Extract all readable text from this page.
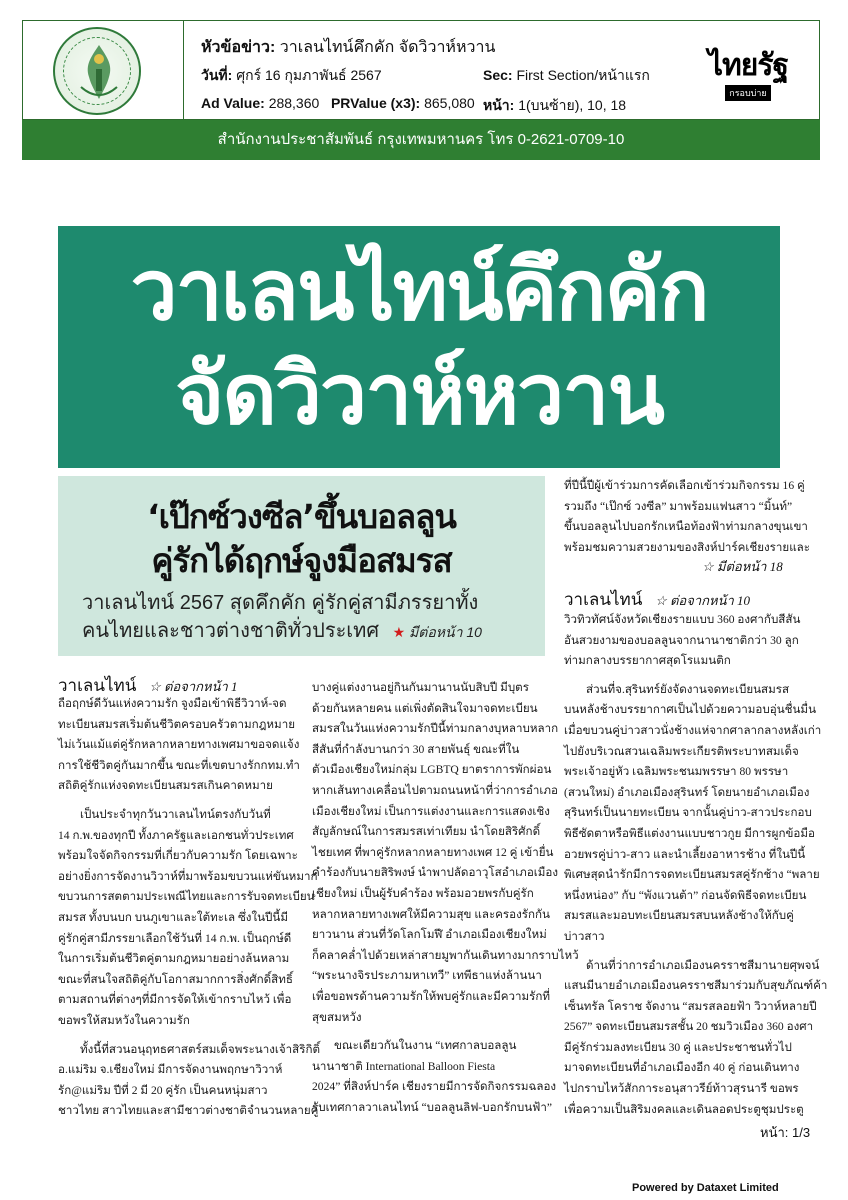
หัวข้อข่าว: วาเลนไทน์คึกคัก จัดวิวาห์หวาน
วันที่: ศุกร์ 16 กุมภาพันธ์ 2567
Ad Value: 288,360 PRValue (x3): 865,080
Sec: First Section/หน้าแรก
หน้า: 1(บนซ้าย), 10, 18
ไทยรัฐ
กรอบบ่าย
สำนักงานประชาสัมพันธ์ กรุงเทพมหานคร โทร 0-2621-0709-10
วาเลนไทน์คึกคัก
จัดวิวาห์หวาน
‘เป๊กซ์วงซีล’ขึ้นบอลลูน
คู่รักได้ฤกษ์จูงมือสมรส
วาเลนไทน์ 2567 สุดคึกคัก คู่รักคู่สามีภรรยาทั้ง
คนไทยและชาวต่างชาติทั่วประเทศ ★ มีต่อหน้า 10

ที่ปีนี้ปีผู้เข้าร่วมการคัดเลือกเข้าร่วมกิจกรรม 16 คู่

รวมถึง “เป๊กซ์ วงซีล” มาพร้อมแฟนสาว “มิ้นท์”

ขึ้นบอลลูนไปบอกรักเหนือท้องฟ้าท่ามกลางขุนเขา

พร้อมชมความสวยงามของสิงห์ปาร์คเชียงรายและ

☆ มีต่อหน้า 18
วาเลนไทน์ ☆ ต่อจากหน้า 1
วาเลนไทน์ ☆ ต่อจากหน้า 10

ถือฤกษ์ดีวันแห่งความรัก จูงมือเข้าพิธีวิวาห์-จด

ทะเบียนสมรสเริ่มต้นชีวิตครอบครัวตามกฎหมาย

ไม่เว้นแม้แต่คู่รักหลากหลายทางเพศมาขอจดแจ้ง

การใช้ชีวิตคู่กันมากขึ้น ขณะที่เขตบางรักกทม.ทำ

สถิติคู่รักแห่งจดทะเบียนสมรสเกินคาดหมาย

เป็นประจำทุกวันวาเลนไทน์ตรงกับวันที่

14 ก.พ.ของทุกปี ทั้งภาครัฐและเอกชนทั่วประเทศ

พร้อมใจจัดกิจกรรมที่เกี่ยวกับความรัก โดยเฉพาะ

อย่างยิ่งการจัดงานวิวาห์ที่มาพร้อมขบวนแห่ขันหมาก

ขบวนการสตตามประเพณีไทยและการรับจดทะเบียน

สมรส ทั้งบนบก บนภูเขาและใต้ทะเล ซึ่งในปีนี้มี

คู่รักคู่สามีภรรยาเลือกใช้วันที่ 14 ก.พ. เป็นฤกษ์ดี

ในการเริ่มต้นชีวิตคู่ตามกฎหมายอย่างล้นหลาม

ขณะที่สนใจสถิติคู่กับโอกาสมากการสิ่งศักดิ์สิทธิ์

ตามสถานที่ต่างๆที่มีการจัดให้เข้ากราบไหว้ เพื่อ

ขอพรให้สมหวังในความรัก

ทั้งนี้ที่สวนอนุฤทธศาสตร์สมเด็จพระนางเจ้าสิริกิติ์

อ.แม่ริม จ.เชียงใหม่ มีการจัดงานพฤกษาวิวาห์

รัก@แม่ริม ปีที่ 2 มี 20 คู่รัก เป็นคนหนุ่มสาว

ชาวไทย สาวไทยและสามีชาวต่างชาติจำนวนหลายคู่

บางคู่แต่งงานอยู่กินกันมานานนับสิบปี มีบุตร

ด้วยกันหลายคน แต่เพิ่งตัดสินใจมาจดทะเบียน

สมรสในวันแห่งความรักปีนี้ท่ามกลางบุหลาบหลาก

สีสันที่กำลังบานกว่า 30 สายพันธุ์ ขณะที่ใน

ตัวเมืองเชียงใหม่กลุ่ม LGBTQ ยาตราการพักผ่อน

หากเส้นทางเคลื่อนไปตามถนนหน้าที่ว่าการอำเภอ

เมืองเชียงใหม่ เป็นการแต่งงานและการแสดงเชิง

สัญลักษณ์ในการสมรสเท่าเทียม นำโดยสิริศักดิ์

ไชยเทศ ที่พาคู่รักหลากหลายทางเพศ 12 คู่ เข้ายื่น

คำร้องกับนายสิริพงษ์ นำพาปลัดอาวุโสอำเภอเมือง

เชียงใหม่ เป็นผู้รับคำร้อง พร้อมอวยพรกับคู่รัก

หลากหลายทางเพศให้มีความสุข และครองรักกัน

ยาวนาน ส่วนที่วัดโลกโมฬี อำเภอเมืองเชียงใหม่

ก็คลาคล่ำไปด้วยเหล่าสายมูพากันเดินทางมากราบไหว้

“พระนางจิรประภามหาเทวี” เทพีธาแห่งล้านนา

เพื่อขอพรด้านความรักให้พบคู่รักและมีความรักที่

สุขสมหวัง

ขณะเดียวกันในงาน “เทศกาลบอลลูน

นานาชาติ International Balloon Fiesta

2024” ที่สิงห์ปาร์ค เชียงรายมีการจัดกิจกรรมฉลอง

รับเทศกาลวาเลนไทน์ “บอลลูนลิฟ-บอกรักบนฟ้า”

วิวทิวทัศน์จังหวัดเชียงรายแบบ 360 องศากับสีสัน

อันสวยงามของบอลลูนจากนานาชาติกว่า 30 ลูก

ท่ามกลางบรรยากาศสุดโรแมนติก

ส่วนที่จ.สุรินทร์ยังจัดงานจดทะเบียนสมรส

บนหลังช้างบรรยากาศเป็นไปด้วยความอบอุ่นชื่นมื่น

เมื่อขบวนคู่บ่าวสาวนั่งช้างแห่จากศาลากลางหลังเก่า

ไปยังบริเวณสวนเฉลิมพระเกียรติพระบาทสมเด็จ

พระเจ้าอยู่หัว เฉลิมพระชนมพรรษา 80 พรรษา

(สวนใหม่) อำเภอเมืองสุรินทร์ โดยนายอำเภอเมือง

สุรินทร์เป็นนายทะเบียน จากนั้นคู่บ่าว-สาวประกอบ

พิธีซัดตาหรือพิธีแต่งงานแบบชาวกูย มีการผูกข้อมือ

อวยพรคู่บ่าว-สาว และนำเลี้ยงอาหารช้าง ที่ในปีนี้

พิเศษสุดนำรักมีการจดทะเบียนสมรสคู่รักช้าง “พลาย

หนึ่งหน่อง” กับ “พังแวนต้า” ก่อนจัดพิธีจดทะเบียน

สมรสและมอบทะเบียนสมรสบนหลังช้างให้กับคู่

บ่าวสาว

ด้านที่ว่าการอำเภอเมืองนครราชสีมานายศุพจน์

แสนมีนายอำเภอเมืองนครราชสีมาร่วมกับสุขภัณฑ์ค้า

เซ็นทรัล โคราช จัดงาน “สมรสลอยฟ้า วิวาห์หลายปี

2567” จดทะเบียนสมรสชั้น 20 ชมวิวเมือง 360 องศา

มีคู่รักร่วมลงทะเบียน 30 คู่ และประชาชนทั่วไป

มาจดทะเบียนที่อำเภอเมืองอีก 40 คู่ ก่อนเดินทาง

ไปกราบไหว้สักการะอนุสาวรีย์ท้าวสุรนารี ขอพร

เพื่อความเป็นสิริมงคลและเดินลอดประตูชุมประตู

หน้า: 1/3
Powered by Dataxet Limited
